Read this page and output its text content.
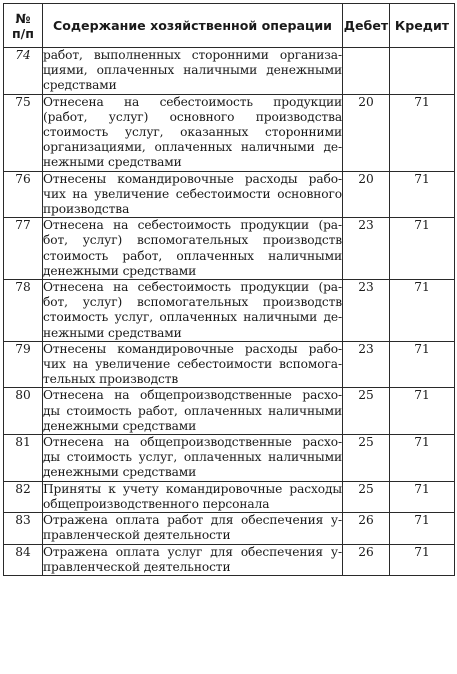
№
п/п	Содержание хозяйственной операции	Дебет	Кредит
74	работ, выполненных сторонними организа-
циями, оплаченных наличными денежными
средствами		

75	Отнесена на себестоимость продукции
(работ, услуг) основного производства
стоимость услуг, оказанных сторонними
организациями, оплаченных наличными де-
нежными средствами	20	71
76	Отнесены командировочные расходы рабо-
чих на увеличение себестоимости основного
производства	20	71
77	Отнесена на себестоимость продукции (ра-
бот, услуг) вспомогательных производств
стоимость работ, оплаченных наличными
денежными средствами	23	71
78	Отнесена на себестоимость продукции (ра-
бот, услуг) вспомогательных производств
стоимость услуг, оплаченных наличными де-
нежными средствами	23	71
79	Отнесены командировочные расходы рабо-
чих на увеличение себестоимости вспомога-
тельных производств	23	71
80	Отнесена на общепроизводственные расхо-
ды стоимость работ, оплаченных наличными
денежными средствами	25	71
81	Отнесена на общепроизводственные расхо-
ды стоимость услуг, оплаченных наличными
денежными средствами	25	71
82	Приняты к учету командировочные расходы
общепроизводственного персонала	25	71
83	Отражена оплата работ для обеспечения у-
правленческой деятельности	26	71
84	Отражена оплата услуг для обеспечения у-
правленческой деятельности	26	71
